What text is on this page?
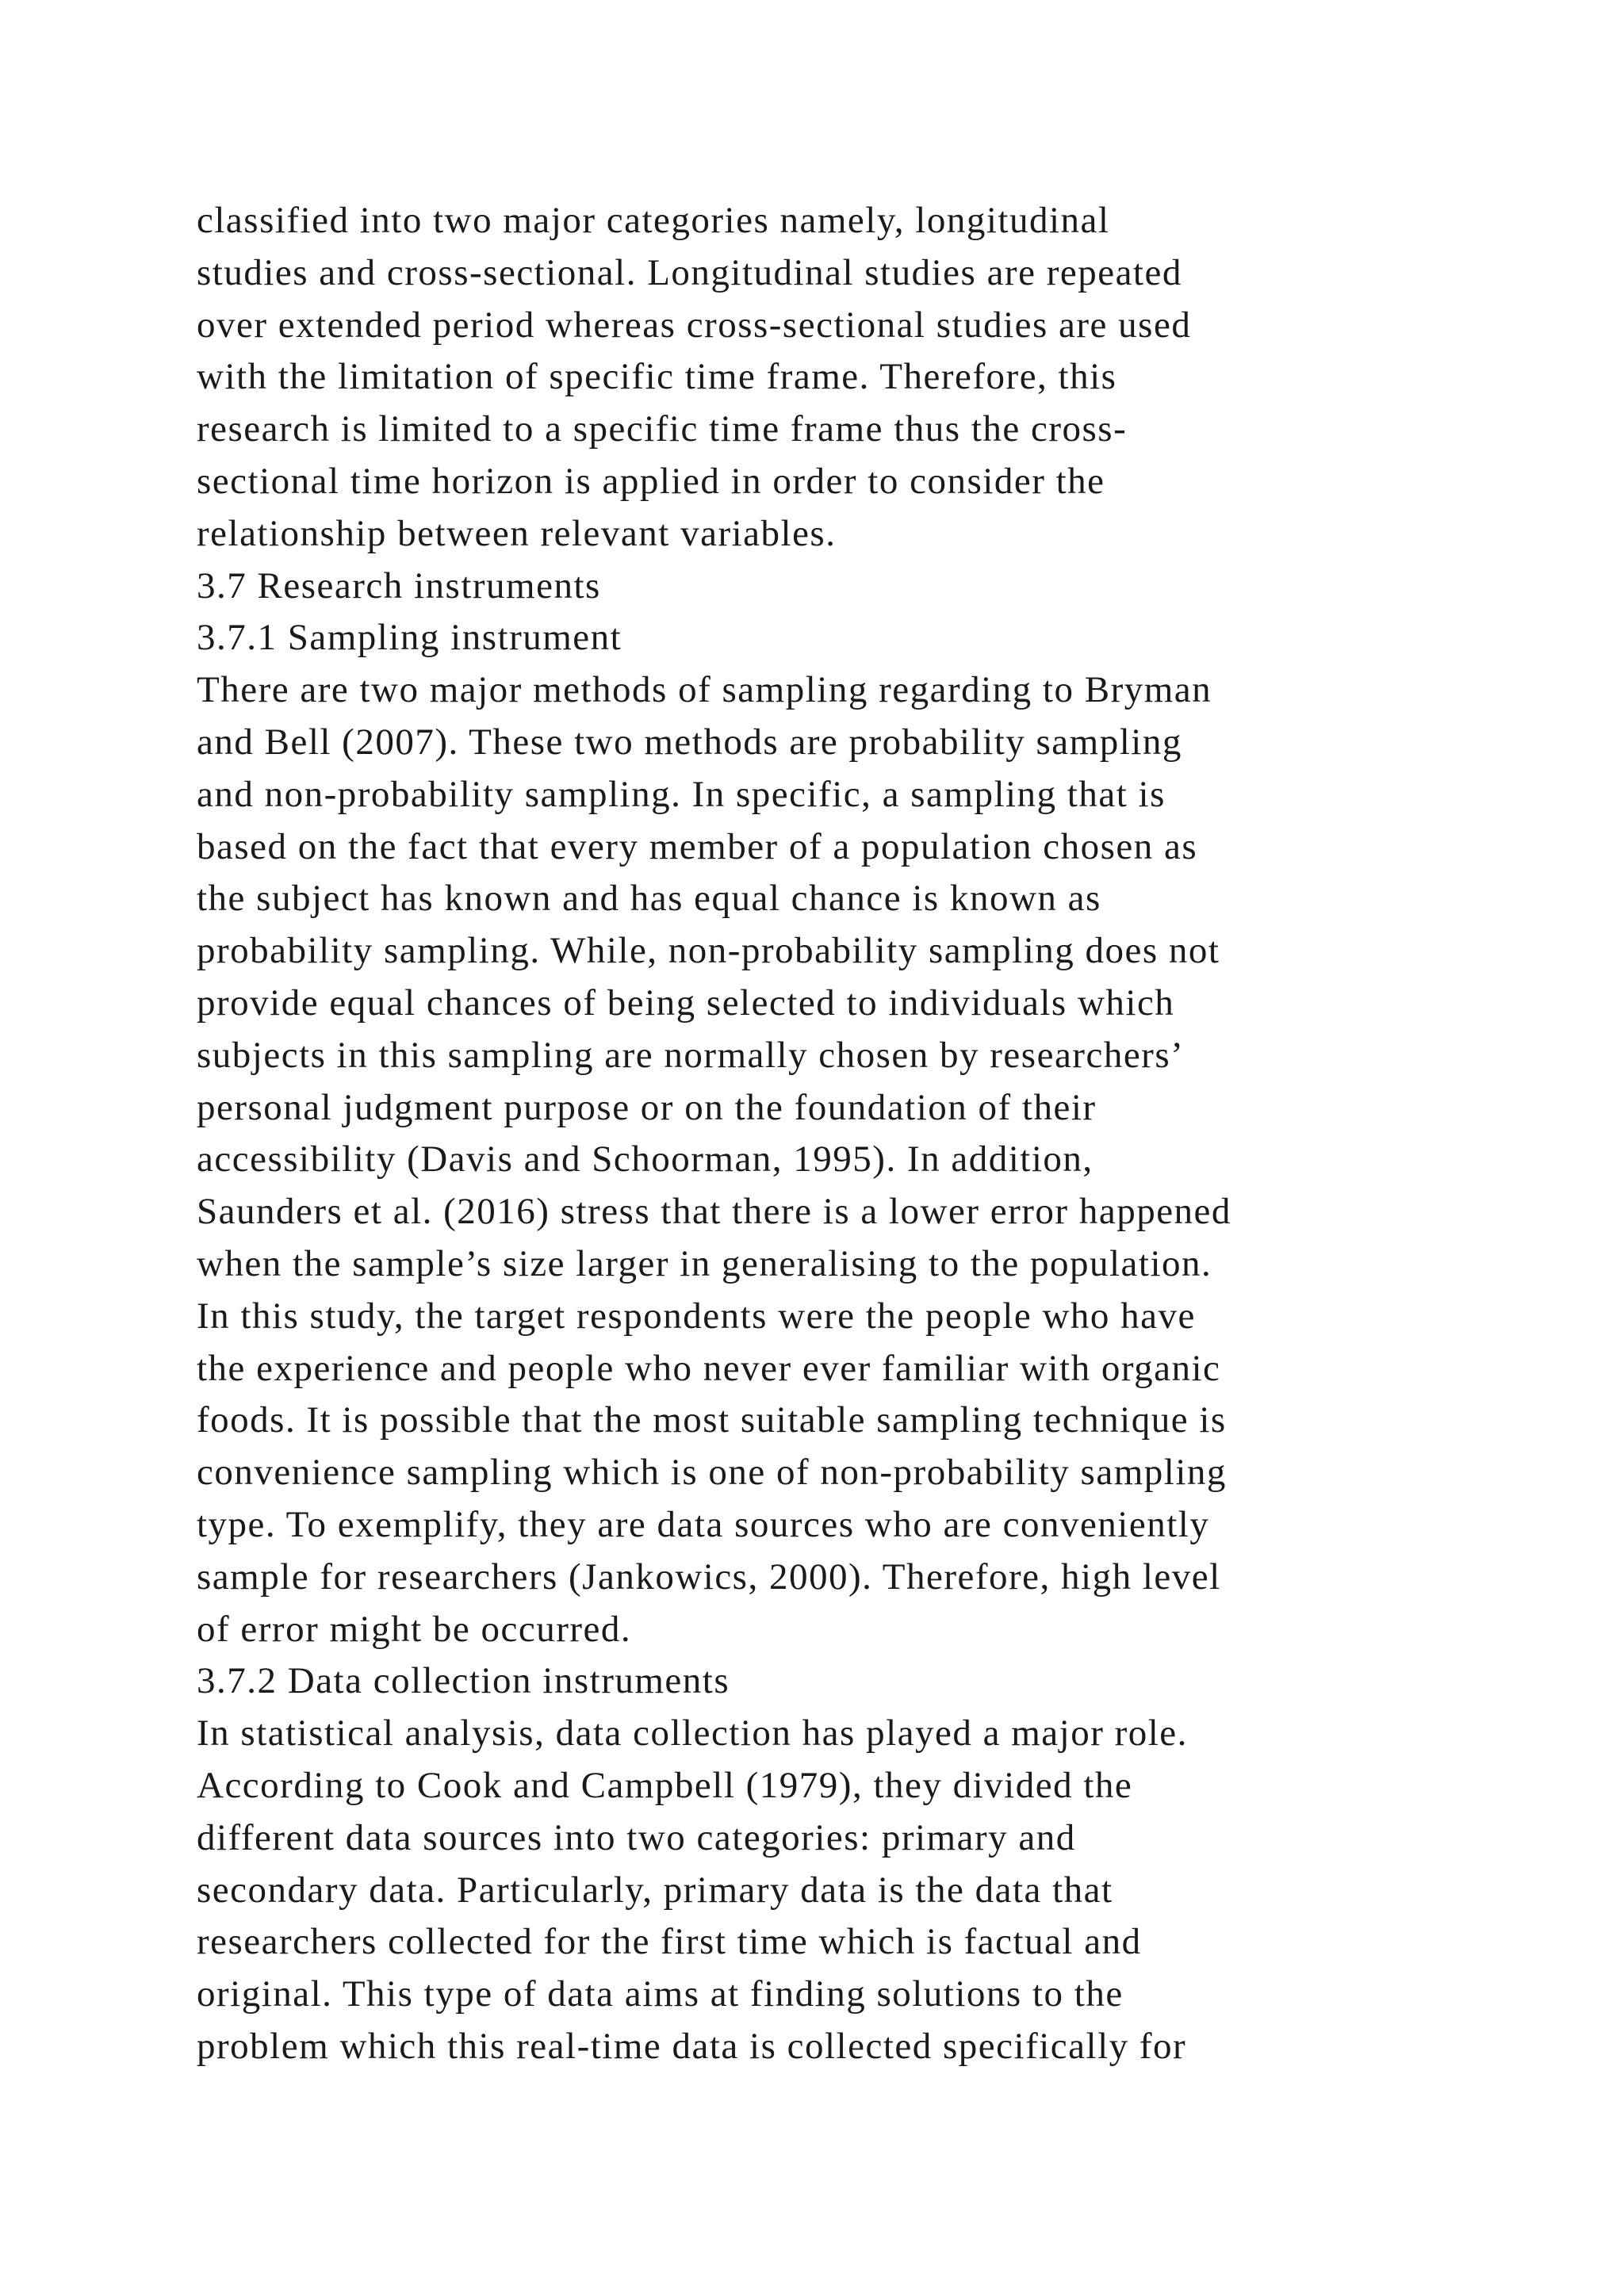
classified into two major categories namely, longitudinal
studies and cross-sectional. Longitudinal studies are repeated
over extended period whereas cross-sectional studies are used
with the limitation of specific time frame. Therefore, this
research is limited to a specific time frame thus the cross-
sectional time horizon is applied in order to consider the
relationship between relevant variables.
3.7 Research instruments
3.7.1 Sampling instrument
There are two major methods of sampling regarding to Bryman
and Bell (2007). These two methods are probability sampling
and non-probability sampling. In specific, a sampling that is
based on the fact that every member of a population chosen as
the subject has known and has equal chance is known as
probability sampling. While, non-probability sampling does not
provide equal chances of being selected to individuals which
subjects in this sampling are normally chosen by researchers’
personal judgment purpose or on the foundation of their
accessibility (Davis and Schoorman, 1995). In addition,
Saunders et al. (2016) stress that there is a lower error happened
when the sample’s size larger in generalising to the population.
In this study, the target respondents were the people who have
the experience and people who never ever familiar with organic
foods. It is possible that the most suitable sampling technique is
convenience sampling which is one of non-probability sampling
type. To exemplify, they are data sources who are conveniently
sample for researchers (Jankowics, 2000). Therefore, high level
of error might be occurred.
3.7.2 Data collection instruments
In statistical analysis, data collection has played a major role.
According to Cook and Campbell (1979), they divided the
different data sources into two categories: primary and
secondary data. Particularly, primary data is the data that
researchers collected for the first time which is factual and
original. This type of data aims at finding solutions to the
problem which this real-time data is collected specifically for
